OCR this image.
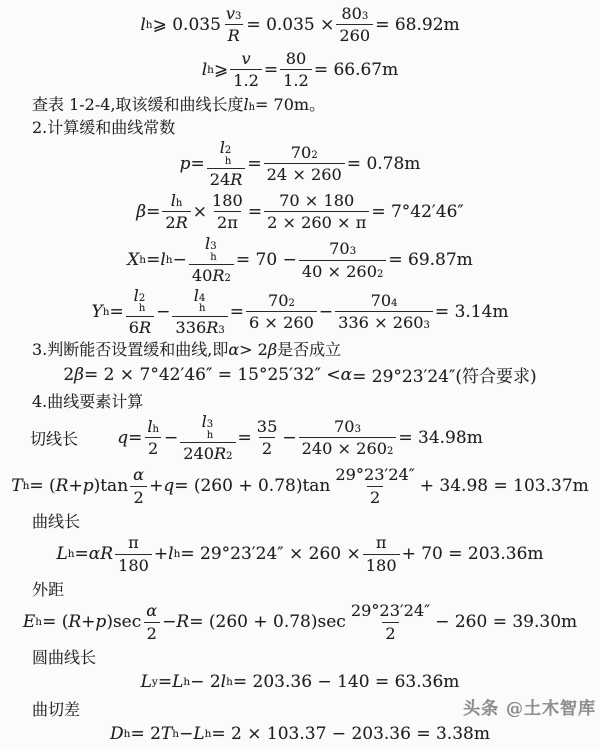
l h ⩾ $0.035 \frac{v_3}{R} = 0.035 \times \frac{80_3}{260} = 68.92m$
l h ⩾ $\frac{v}{1.2} = \frac{80}{1.2} = 66.67m$
查表 1-2-4,取该缓和曲线长度 l h = 70m。
2.计算缓和曲线常数
p = l 2
h
24 $R = \frac{70_2}{24 \times 260} = 0.78m$
$\beta = \frac{l_h}{2 R} \times \frac{180}{2\pi} = \frac{70 \times 180}{2 \times 260 \times \pi} = 7^\circ 42'46''$
X h = l h − l 3
h
40 $R_2 = 70 - \frac{70_3}{40 \times 260_2} = 69.87m$
Y h = l 2
h
6 R − l 4
h
336 $R_3 = \frac{70_2}{6 \times 260} - \frac{70_4}{336 \times 260_3} = 3.14m$
3.判断能否设置缓和曲线,即 α > 2 β 是否成立
2 β = 2 × 7°42′46″ = 15°25′32″ < α = 29°23′24″(符合要求)
4.曲线要素计算
切线长 $q = \frac{l_h}{2} - l$ 3
h
240 $R_2 = \frac{35}{2} - \frac{70_3}{240 \times 260_2} = 34.98m$
T h = ( R + p )$\tan \frac{\alpha}{2} + q = (260 + 0.78)\tan \frac{29^\circ 23'24''}{2} + 34.98 = 103.37m$
曲线长
L h = αR $\frac{\pi}{180} + l$ $h = 29^\circ 23'24'' \times 260 \times \frac{\pi}{180} + 70 = 203.36m$
外距
E h = ( R + p )$\sec \frac{\alpha}{2} - R = (260 + 0.78)\sec \frac{29^\circ 23'24''}{2} - 260 = 39.30m$
圆曲线长
L y = L h − 2 l h = 203.36 − 140 = 63.36m
曲切差
D h = 2 T h − L h = 2 × 103.37 − 203.36 = 3.38m
头条 @土木智库
